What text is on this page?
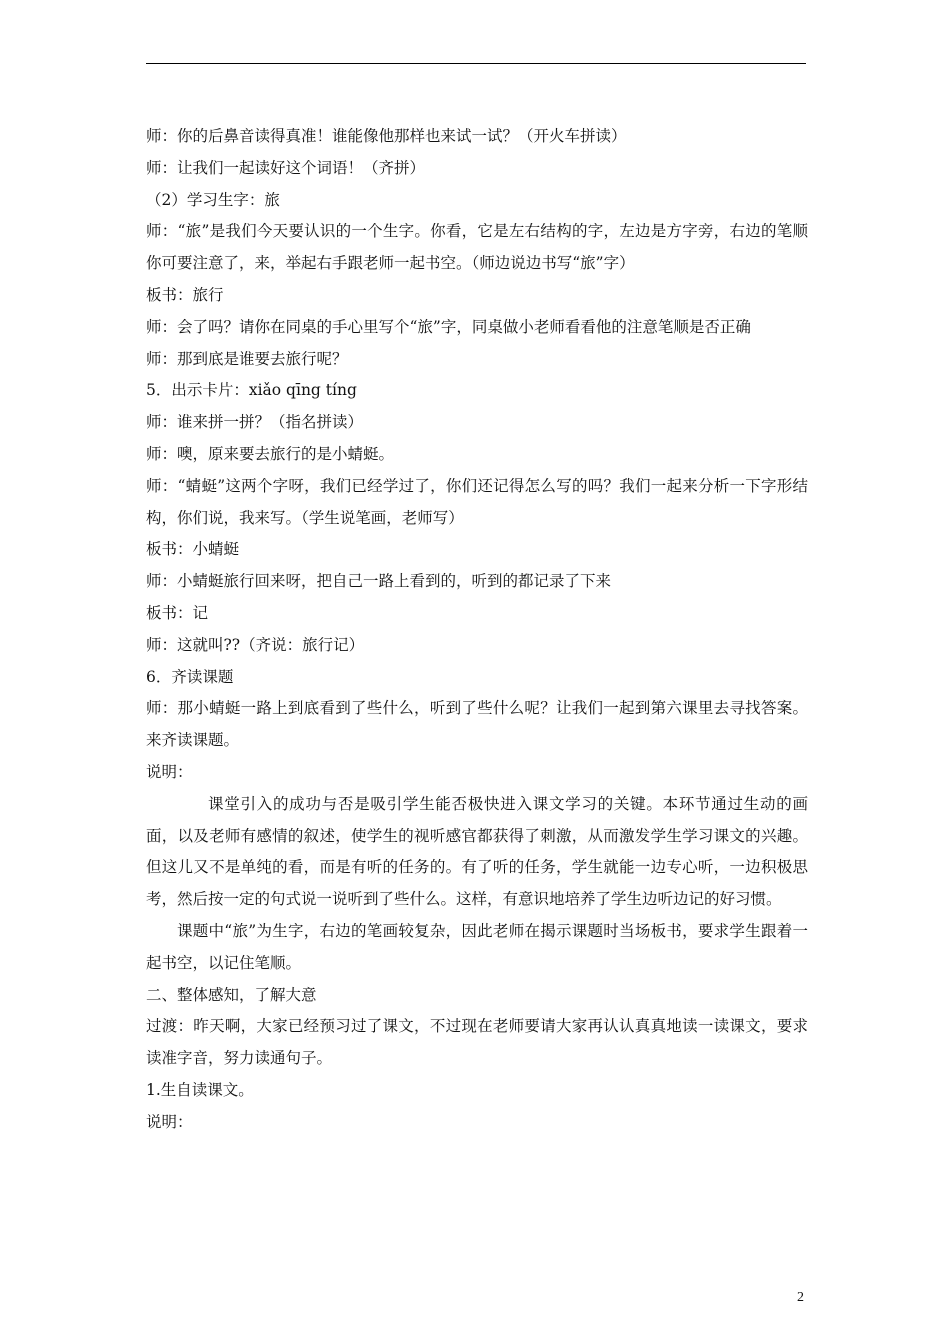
师：你的后鼻音读得真准！谁能像他那样也来试一试？（开火车拼读）
师：让我们一起读好这个词语！（齐拼）
（2）学习生字：旅
师：“旅”是我们今天要认识的一个生字。你看，它是左右结构的字，左边是方字旁，右边的笔顺你可要注意了，来，举起右手跟老师一起书空。（师边说边书写“旅”字）
板书：旅行
师：会了吗？请你在同桌的手心里写个“旅”字，同桌做小老师看看他的注意笔顺是否正确
师：那到底是谁要去旅行呢？
5．出示卡片：xiǎo qīng tíng
师：谁来拼一拼？（指名拼读）
师：噢，原来要去旅行的是小蜻蜓。
师：“蜻蜓”这两个字呀，我们已经学过了，你们还记得怎么写的吗？我们一起来分析一下字形结构，你们说，我来写。（学生说笔画，老师写）
板书：小蜻蜓
师：小蜻蜓旅行回来呀，把自己一路上看到的，听到的都记录了下来
板书：记
师：这就叫??（齐说：旅行记）
6．齐读课题
师：那小蜻蜓一路上到底看到了些什么，听到了些什么呢？让我们一起到第六课里去寻找答案。来齐读课题。
说明：
课堂引入的成功与否是吸引学生能否极快进入课文学习的关键。本环节通过生动的画面，以及老师有感情的叙述，使学生的视听感官都获得了刺激，从而激发学生学习课文的兴趣。但这儿又不是单纯的看，而是有听的任务的。有了听的任务，学生就能一边专心听，一边积极思考，然后按一定的句式说一说听到了些什么。这样，有意识地培养了学生边听边记的好习惯。
课题中“旅”为生字，右边的笔画较复杂，因此老师在揭示课题时当场板书，要求学生跟着一起书空，以记住笔顺。
二、整体感知，了解大意
过渡：昨天啊，大家已经预习过了课文，不过现在老师要请大家再认认真真地读一读课文，要求读准字音，努力读通句子。
1.生自读课文。
说明：
2
